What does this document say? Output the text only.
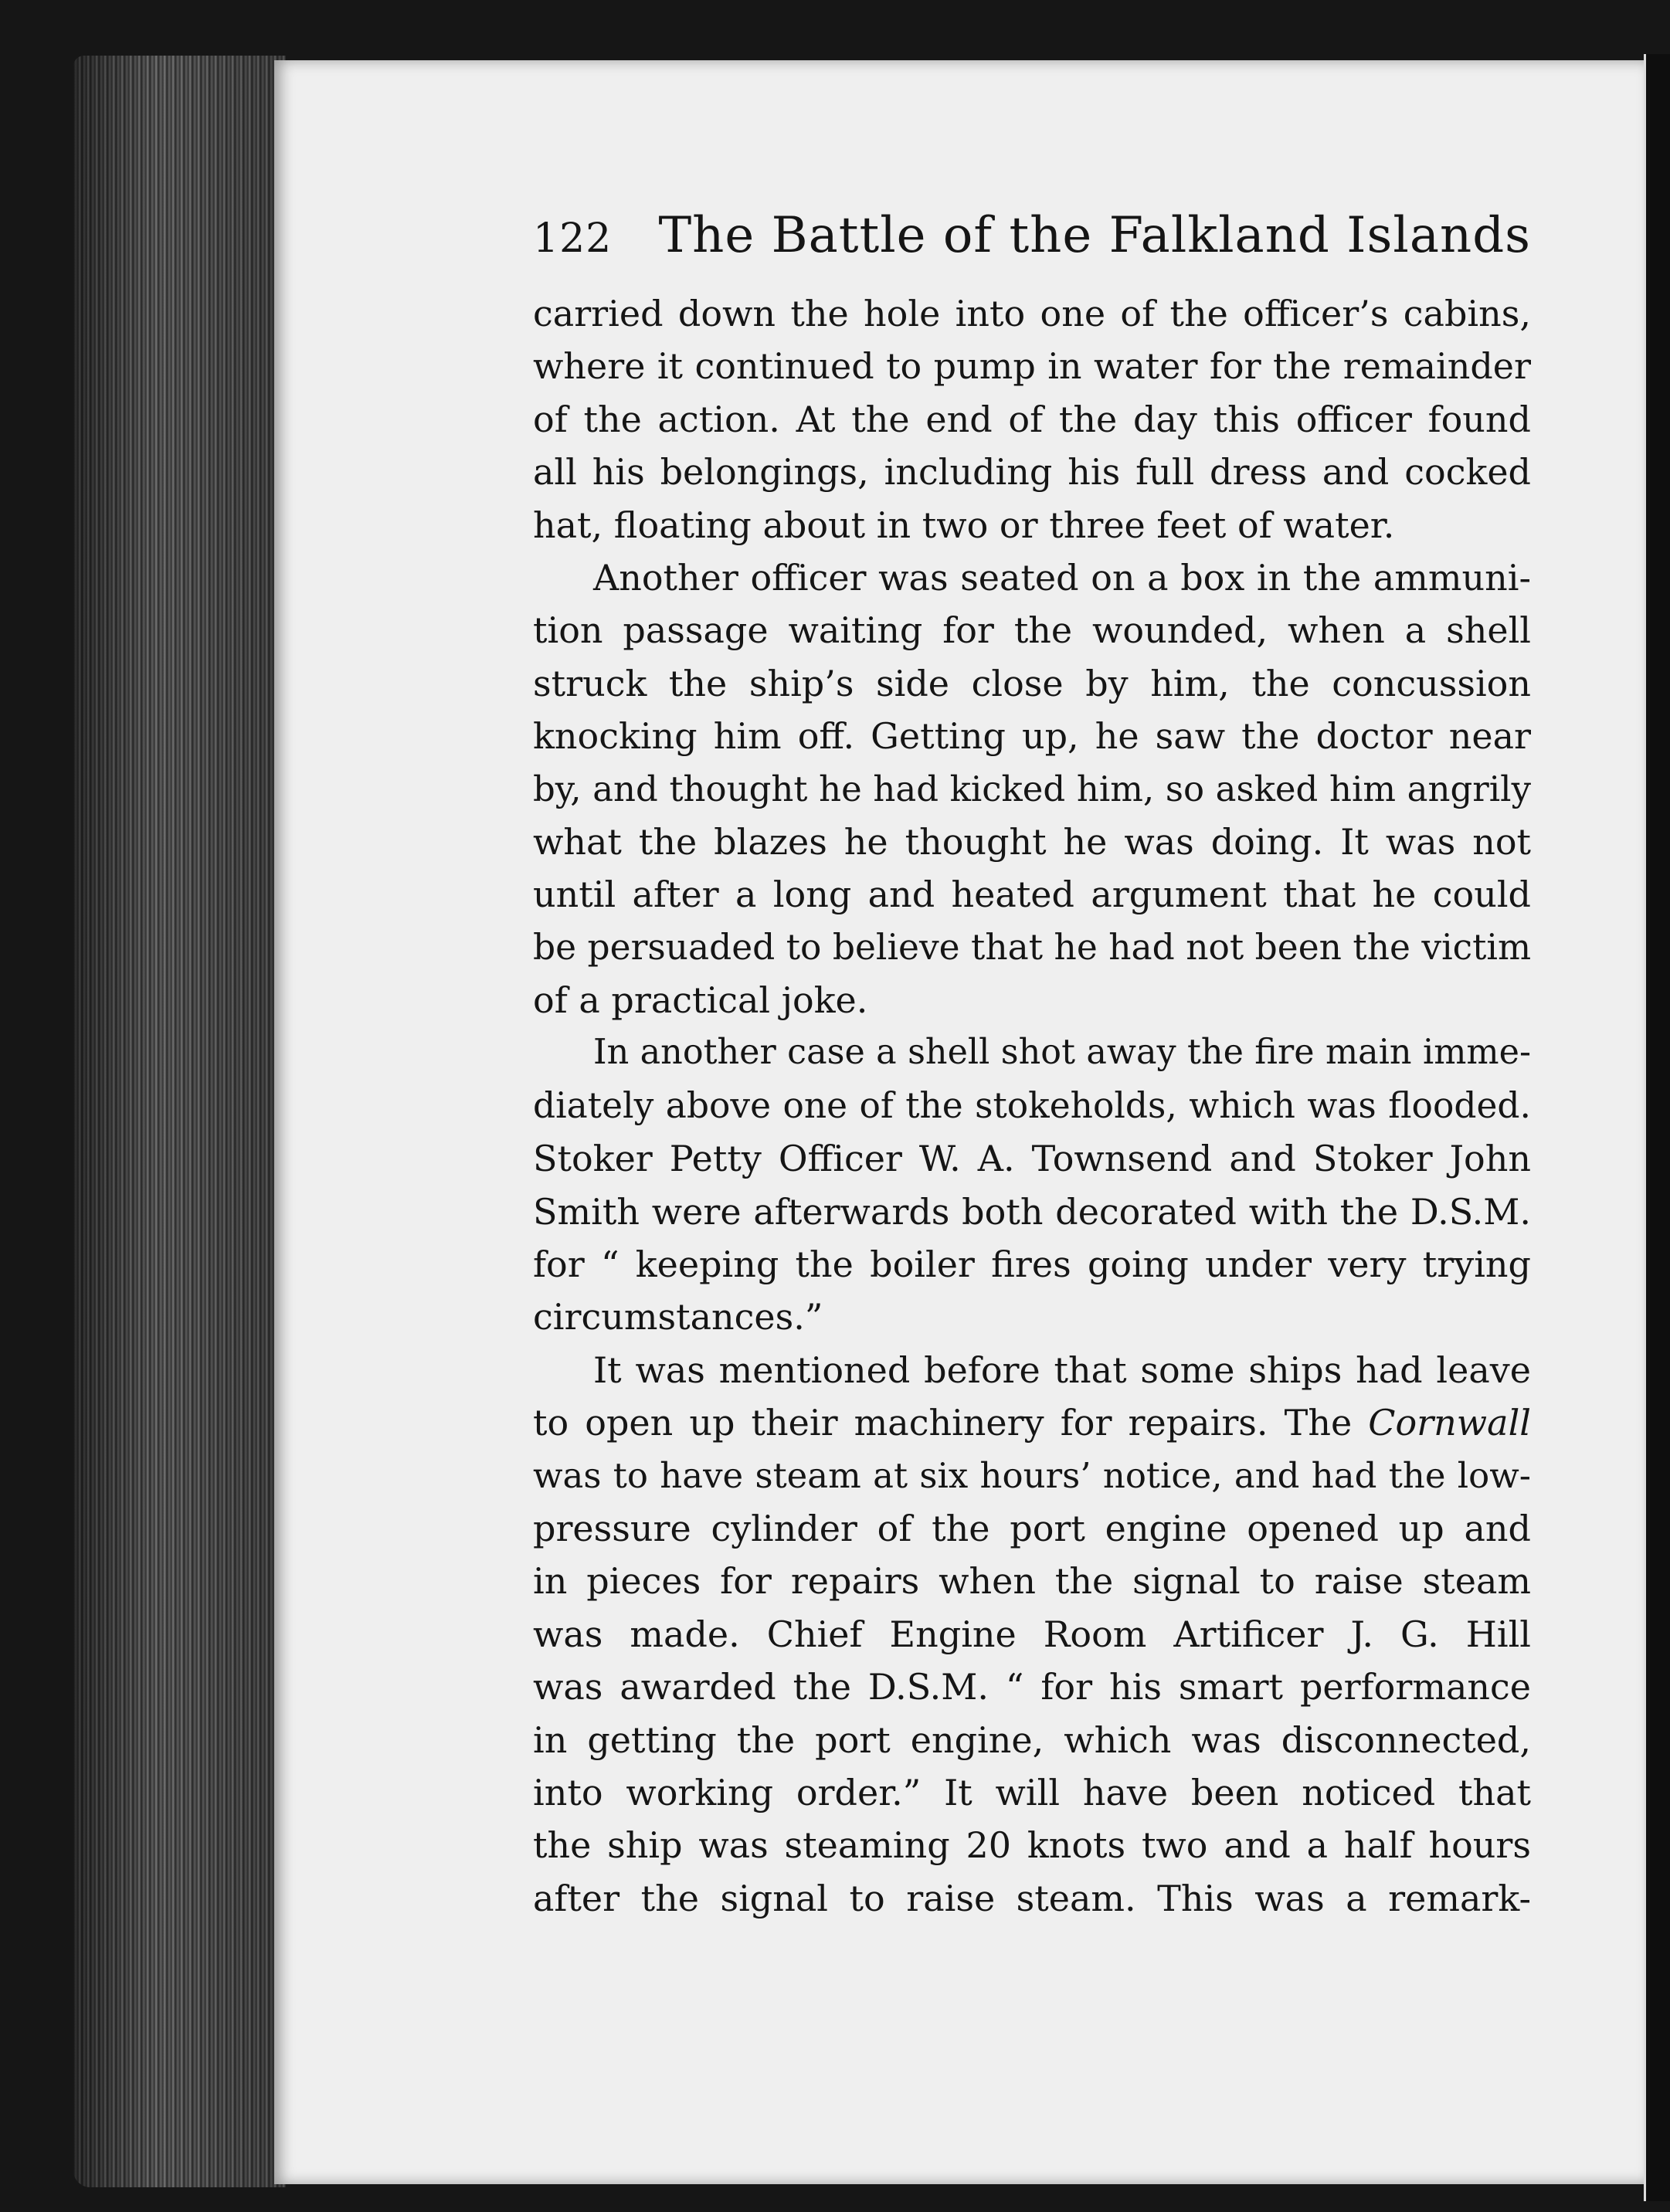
122 The Battle of the Falkland Islands
carried down the hole into one of the officer’s cabins,
where it continued to pump in water for the remainder
of the action. At the end of the day this officer found
all his belongings, including his full dress and cocked
hat, floating about in two or three feet of water.
Another officer was seated on a box in the ammuni-
tion passage waiting for the wounded, when a shell
struck the ship’s side close by him, the concussion
knocking him off. Getting up, he saw the doctor near
by, and thought he had kicked him, so asked him angrily
what the blazes he thought he was doing. It was not
until after a long and heated argument that he could
be persuaded to believe that he had not been the victim
of a practical joke.
In another case a shell shot away the fire main imme-
diately above one of the stokeholds, which was flooded.
Stoker Petty Officer W. A. Townsend and Stoker John
Smith were afterwards both decorated with the D.S.M.
for “ keeping the boiler fires going under very trying
circumstances.”
It was mentioned before that some ships had leave
to open up their machinery for repairs. The Cornwall
was to have steam at six hours’ notice, and had the low-
pressure cylinder of the port engine opened up and
in pieces for repairs when the signal to raise steam
was made. Chief Engine Room Artificer J. G. Hill
was awarded the D.S.M. “ for his smart performance
in getting the port engine, which was disconnected,
into working order.” It will have been noticed that
the ship was steaming 20 knots two and a half hours
after the signal to raise steam. This was a remark-
